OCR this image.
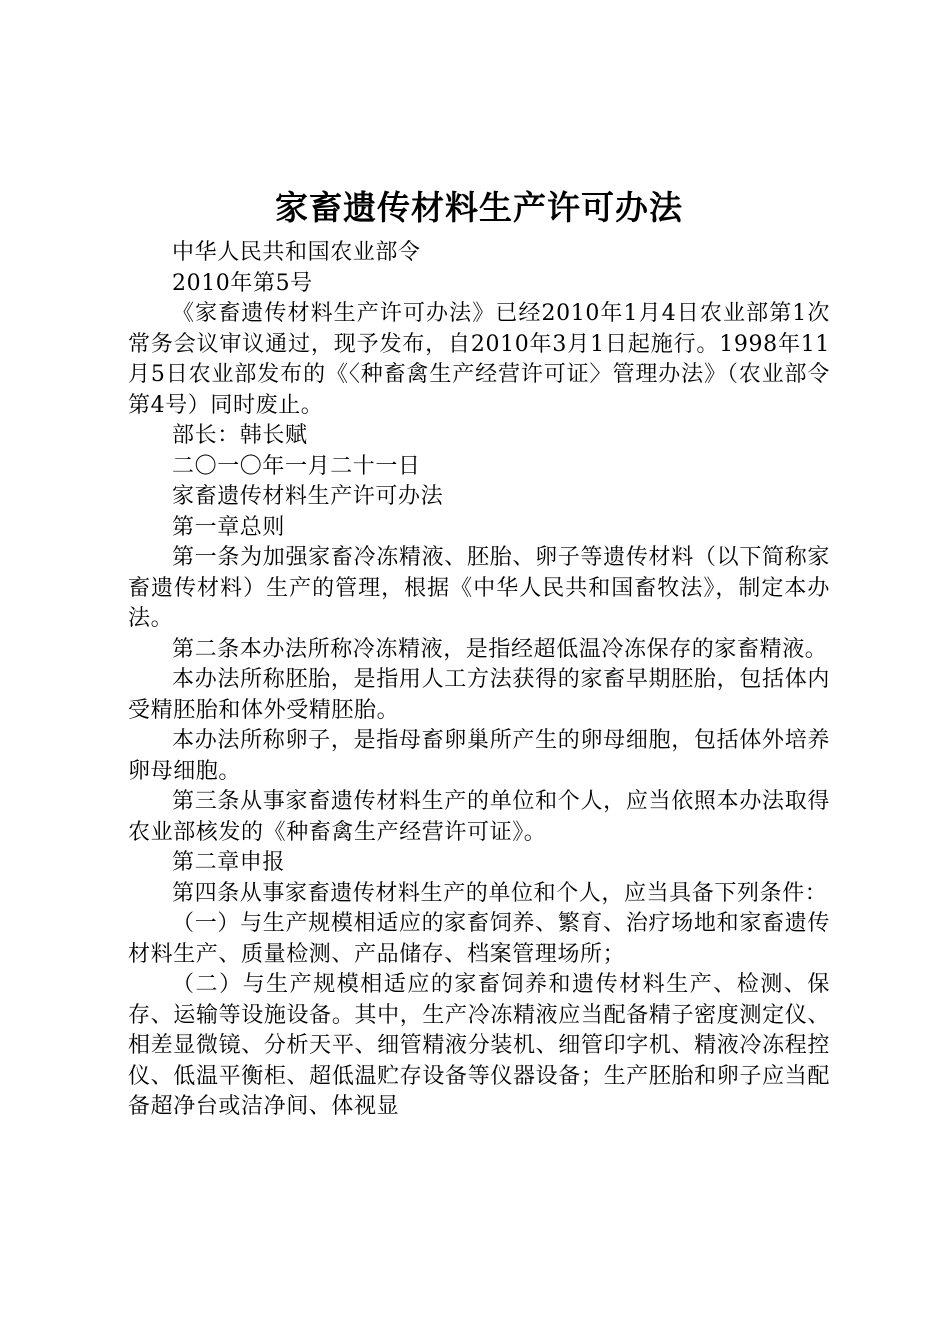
家畜遗传材料生产许可办法

中华人民共和国农业部令

2010年第5号

《家畜遗传材料生产许可办法》已经2010年1月4日农业部第1次常务会议审议通过，现予发布，自2010年3月1日起施行。1998年11月5日农业部发布的《〈种畜禽生产经营许可证〉管理办法》（农业部令第4号）同时废止。

部长：韩长赋

二〇一〇年一月二十一日

家畜遗传材料生产许可办法

第一章总则

第一条为加强家畜冷冻精液、胚胎、卵子等遗传材料（以下简称家畜遗传材料）生产的管理，根据《中华人民共和国畜牧法》，制定本办法。

第二条本办法所称冷冻精液，是指经超低温冷冻保存的家畜精液。

本办法所称胚胎，是指用人工方法获得的家畜早期胚胎，包括体内受精胚胎和体外受精胚胎。

本办法所称卵子，是指母畜卵巢所产生的卵母细胞，包括体外培养卵母细胞。

第三条从事家畜遗传材料生产的单位和个人，应当依照本办法取得农业部核发的《种畜禽生产经营许可证》。

第二章申报

第四条从事家畜遗传材料生产的单位和个人，应当具备下列条件：

（一）与生产规模相适应的家畜饲养、繁育、治疗场地和家畜遗传材料生产、质量检测、产品储存、档案管理场所；

（二）与生产规模相适应的家畜饲养和遗传材料生产、检测、保存、运输等设施设备。其中，生产冷冻精液应当配备精子密度测定仪、相差显微镜、分析天平、细管精液分装机、细管印字机、精液冷冻程控仪、低温平衡柜、超低温贮存设备等仪器设备；生产胚胎和卵子应当配备超净台或洁净间、体视显
